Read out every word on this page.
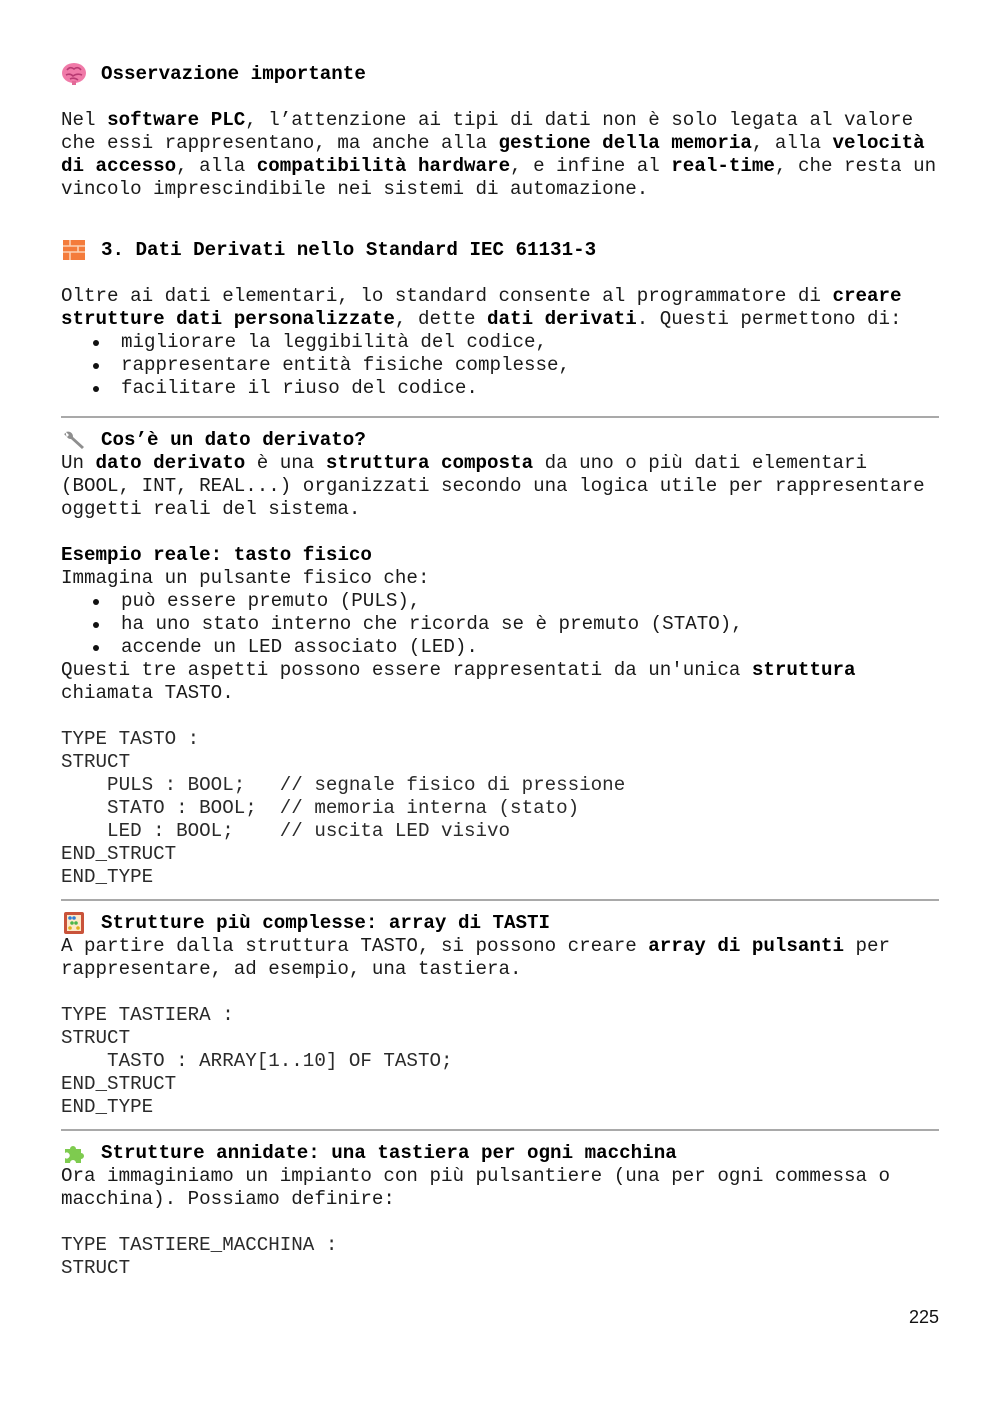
Osservazione importante

Nel software PLC, l’attenzione ai tipi di dati non è solo legata al valore che essi rappresentano, ma anche alla gestione della memoria, alla velocità di accesso, alla compatibilità hardware, e infine al real-time, che resta un vincolo imprescindibile nei sistemi di automazione.

3. Dati Derivati nello Standard IEC 61131-3

Oltre ai dati elementari, lo standard consente al programmatore di creare strutture dati personalizzate, dette dati derivati. Questi permettono di:

migliorare la leggibilità del codice,
rappresentare entità fisiche complesse,
facilitare il riuso del codice.
Cos’è un dato derivato?

Un dato derivato è una struttura composta da uno o più dati elementari (BOOL, INT, REAL...) organizzati secondo una logica utile per rappresentare oggetti reali del sistema.

Esempio reale: tasto fisico

Immagina un pulsante fisico che:

può essere premuto (PULS),
ha uno stato interno che ricorda se è premuto (STATO),
accende un LED associato (LED).

Questi tre aspetti possono essere rappresentati da un'unica struttura chiamata TASTO.

TYPE TASTO :
STRUCT
PULS : BOOL;   // segnale fisico di pressione
STATO : BOOL;  // memoria interna (stato)
LED : BOOL;    // uscita LED visivo
END_STRUCT
END_TYPE
Strutture più complesse: array di TASTI

A partire dalla struttura TASTO, si possono creare array di pulsanti per rappresentare, ad esempio, una tastiera.

TYPE TASTIERA :
STRUCT
TASTO : ARRAY[1..10] OF TASTO;
END_STRUCT
END_TYPE
Strutture annidate: una tastiera per ogni macchina

Ora immaginiamo un impianto con più pulsantiere (una per ogni commessa o macchina). Possiamo definire:

TYPE TASTIERE_MACCHINA :
STRUCT
225
